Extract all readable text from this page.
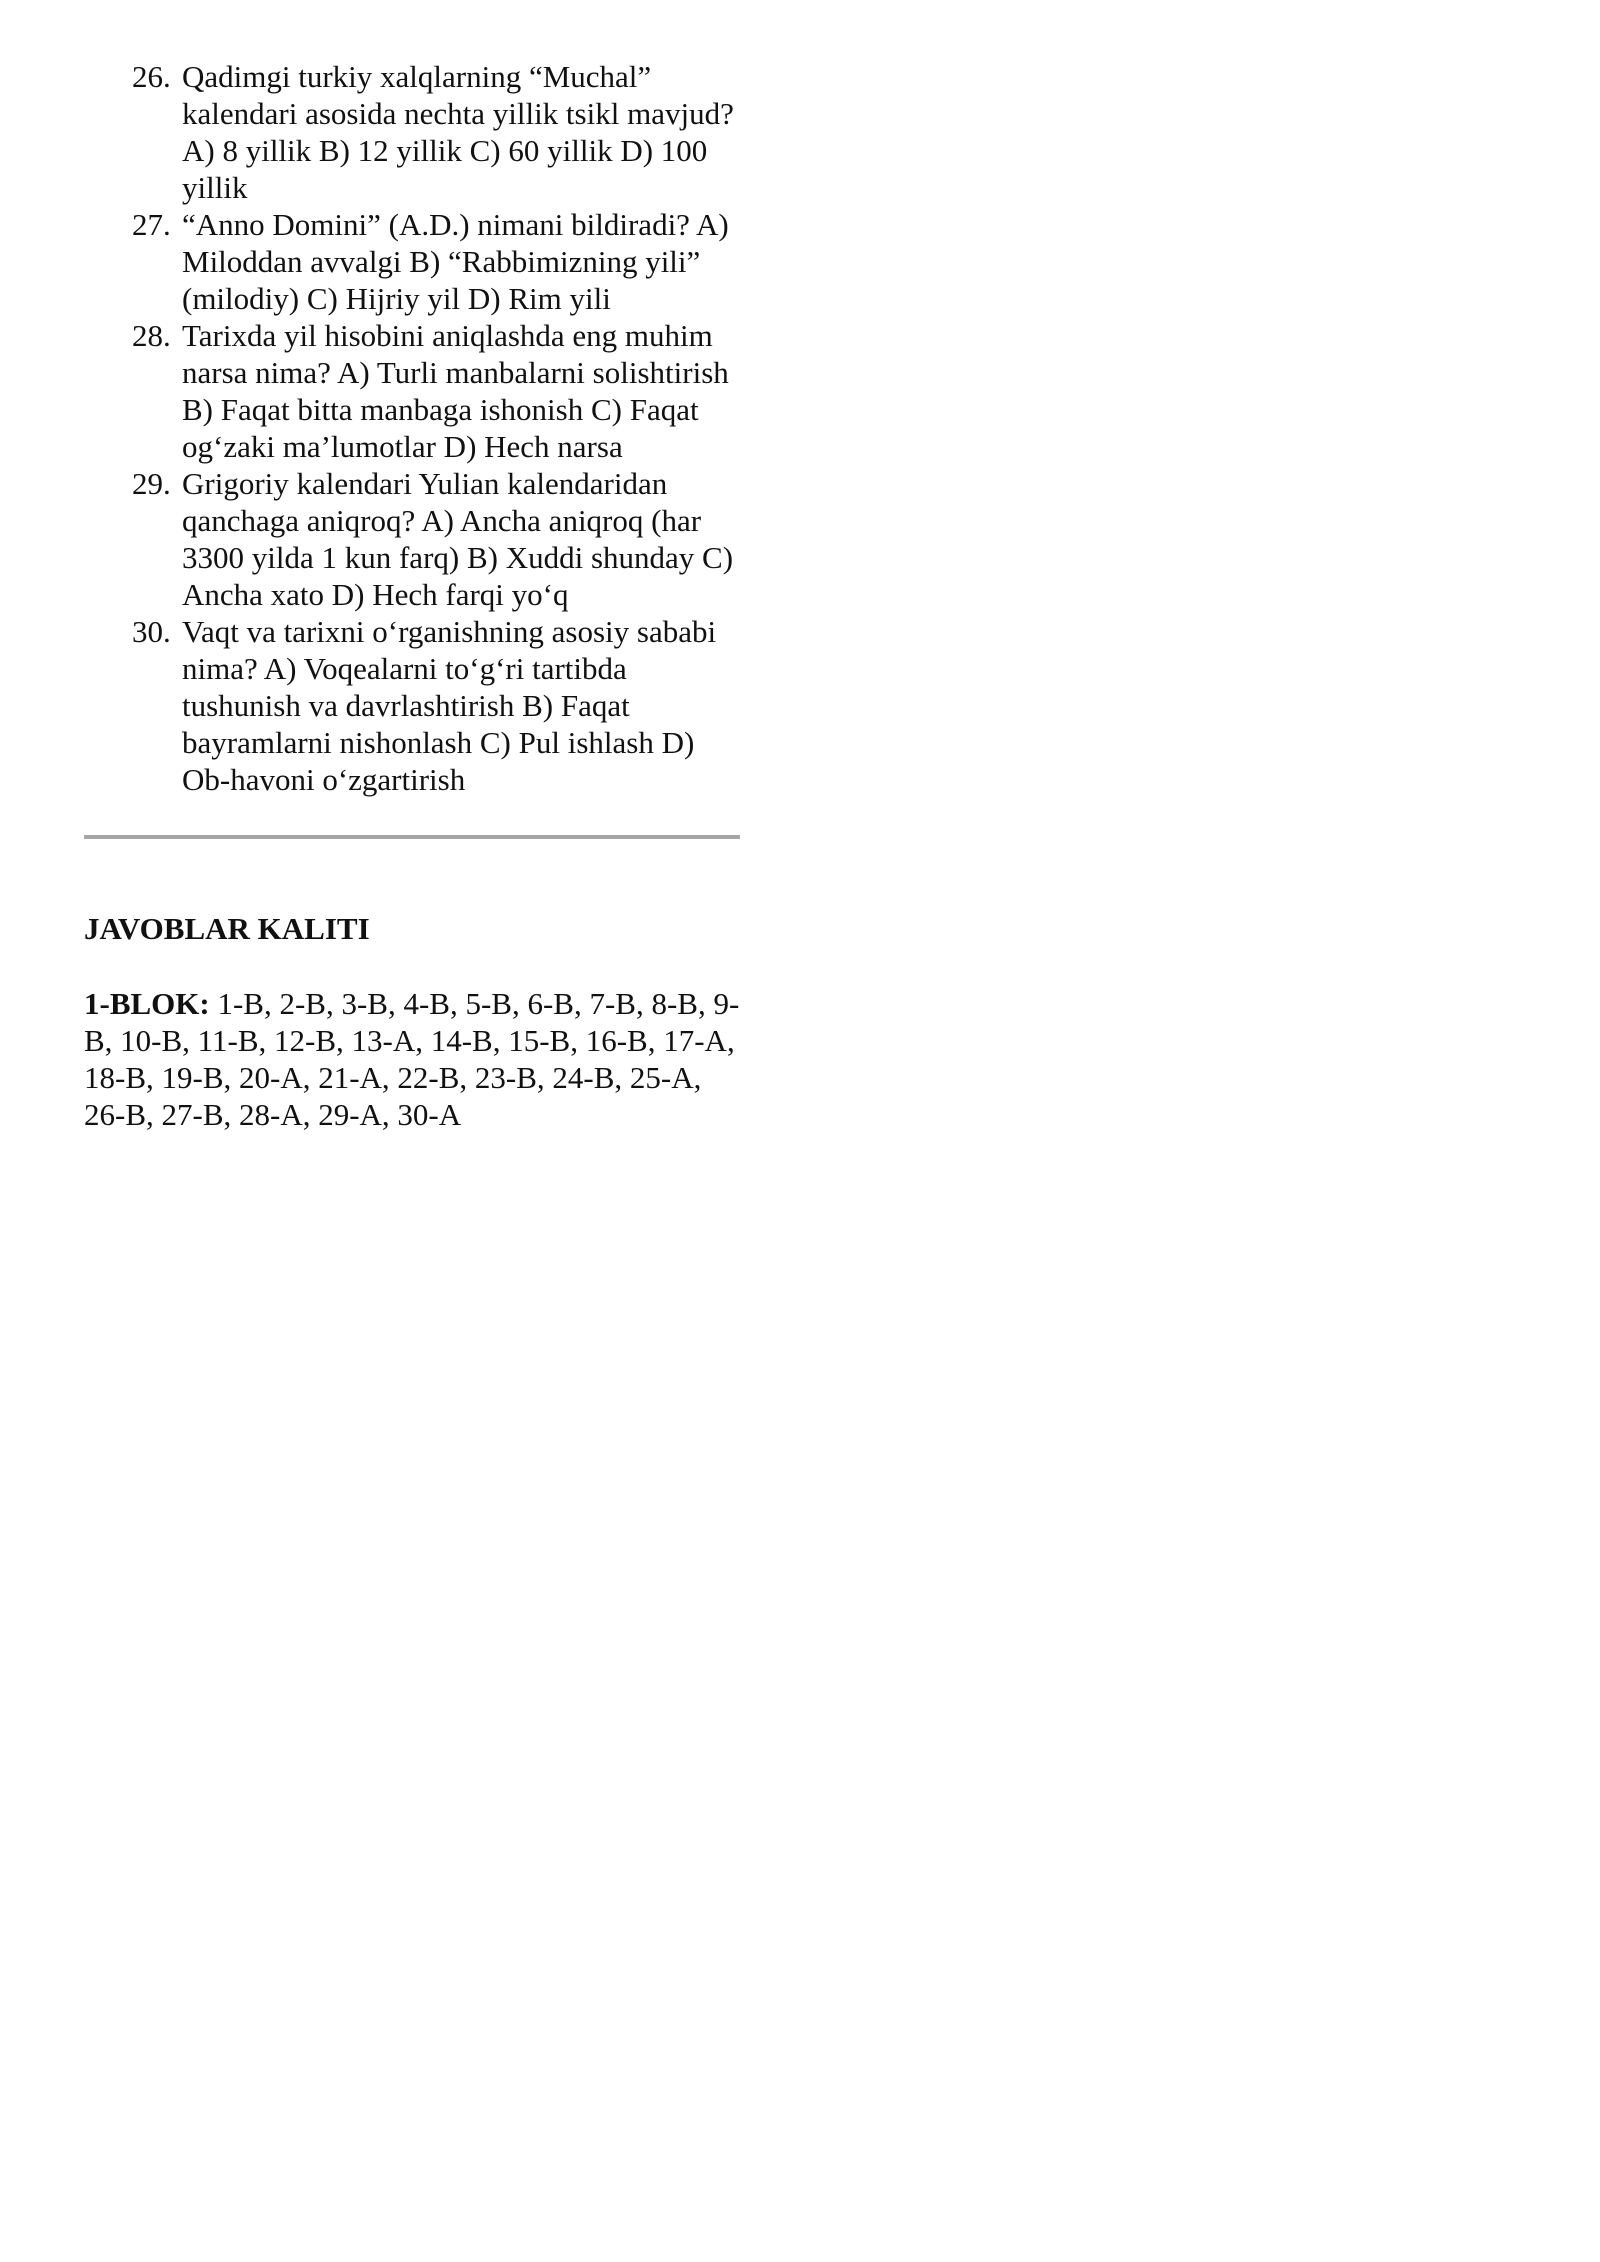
26. Qadimgi turkiy xalqlarning “Muchal” kalendari asosida nechta yillik tsikl mavjud? A) 8 yillik B) 12 yillik C) 60 yillik D) 100 yillik
27. “Anno Domini” (A.D.) nimani bildiradi? A) Miloddan avvalgi B) “Rabbimizning yili” (milodiy) C) Hijriy yil D) Rim yili
28. Tarixda yil hisobini aniqlashda eng muhim narsa nima? A) Turli manbalarni solishtirish B) Faqat bitta manbaga ishonish C) Faqat og‘zaki ma’lumotlar D) Hech narsa
29. Grigoriy kalendari Yulian kalendaridan qanchaga aniqroq? A) Ancha aniqroq (har 3300 yilda 1 kun farq) B) Xuddi shunday C) Ancha xato D) Hech farqi yo‘q
30. Vaqt va tarixni o‘rganishning asosiy sababi nima? A) Voqealarni to‘g‘ri tartibda tushunish va davrlashtirish B) Faqat bayramlarni nishonlash C) Pul ishlash D) Ob-havoni o‘zgartirish
JAVOBLAR KALITI

1-BLOK: 1-B, 2-B, 3-B, 4-B, 5-B, 6-B, 7-B, 8-B, 9-B, 10-B, 11-B, 12-B, 13-A, 14-B, 15-B, 16-B, 17-A, 18-B, 19-B, 20-A, 21-A, 22-B, 23-B, 24-B, 25-A, 26-B, 27-B, 28-A, 29-A, 30-A
